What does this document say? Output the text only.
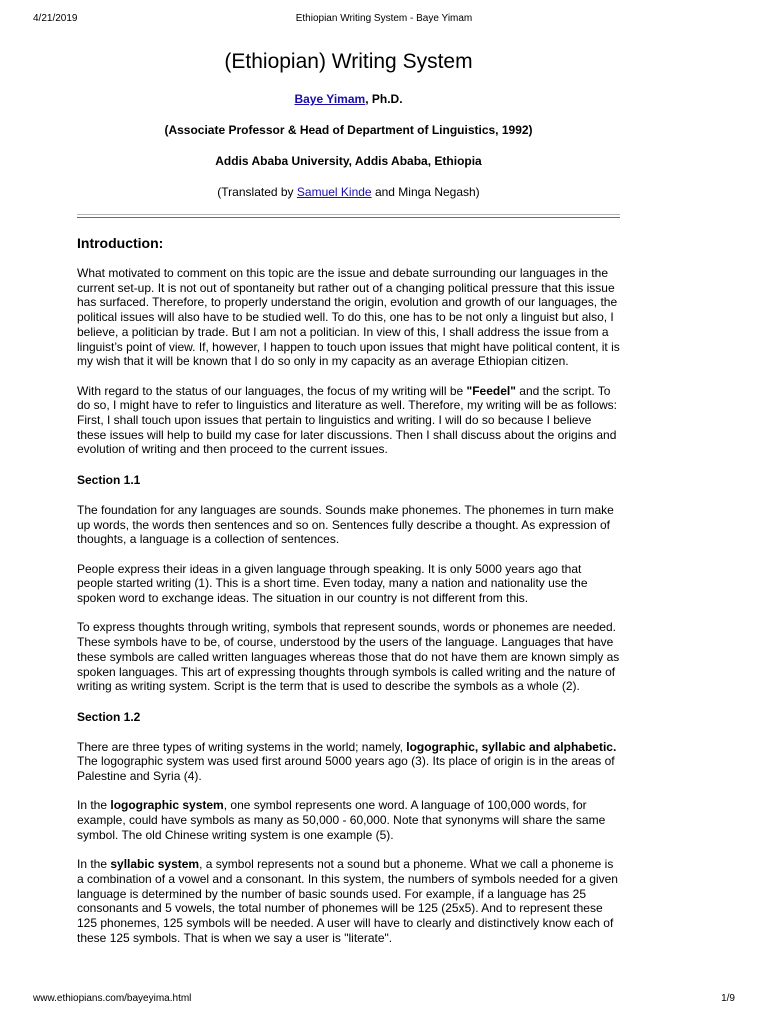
4/21/2019	Ethiopian Writing System - Baye Yimam
(Ethiopian) Writing System
Baye Yimam, Ph.D.
(Associate Professor & Head of Department of Linguistics, 1992)
Addis Ababa University, Addis Ababa, Ethiopia
(Translated by Samuel Kinde and Minga Negash)
Introduction:

What motivated to comment on this topic are the issue and debate surrounding our languages in the current set-up. It is not out of spontaneity but rather out of a changing political pressure that this issue has surfaced. Therefore, to properly understand the origin, evolution and growth of our languages, the political issues will also have to be studied well. To do this, one has to be not only a linguist but also, I believe, a politician by trade. But I am not a politician. In view of this, I shall address the issue from a linguist’s point of view. If, however, I happen to touch upon issues that might have political content, it is my wish that it will be known that I do so only in my capacity as an average Ethiopian citizen.

With regard to the status of our languages, the focus of my writing will be "Feedel" and the script. To do so, I might have to refer to linguistics and literature as well. Therefore, my writing will be as follows: First, I shall touch upon issues that pertain to linguistics and writing. I will do so because I believe these issues will help to build my case for later discussions. Then I shall discuss about the origins and evolution of writing and then proceed to the current issues.

Section 1.1

The foundation for any languages are sounds. Sounds make phonemes. The phonemes in turn make up words, the words then sentences and so on. Sentences fully describe a thought. As expression of thoughts, a language is a collection of sentences.

People express their ideas in a given language through speaking. It is only 5000 years ago that people started writing (1). This is a short time. Even today, many a nation and nationality use the spoken word to exchange ideas. The situation in our country is not different from this.

To express thoughts through writing, symbols that represent sounds, words or phonemes are needed. These symbols have to be, of course, understood by the users of the language. Languages that have these symbols are called written languages whereas those that do not have them are known simply as spoken languages. This art of expressing thoughts through symbols is called writing and the nature of writing as writing system. Script is the term that is used to describe the symbols as a whole (2).

Section 1.2

There are three types of writing systems in the world; namely, logographic, syllabic and alphabetic. The logographic system was used first around 5000 years ago (3). Its place of origin is in the areas of Palestine and Syria (4).

In the logographic system, one symbol represents one word. A language of 100,000 words, for example, could have symbols as many as 50,000 - 60,000. Note that synonyms will share the same symbol. The old Chinese writing system is one example (5).

In the syllabic system, a symbol represents not a sound but a phoneme. What we call a phoneme is a combination of a vowel and a consonant. In this system, the numbers of symbols needed for a given language is determined by the number of basic sounds used. For example, if a language has 25 consonants and 5 vowels, the total number of phonemes will be 125 (25x5). And to represent these 125 phonemes, 125 symbols will be needed. A user will have to clearly and distinctively know each of these 125 symbols. That is when we say a user is "literate".

www.ethiopians.com/bayeyima.html	1/9
